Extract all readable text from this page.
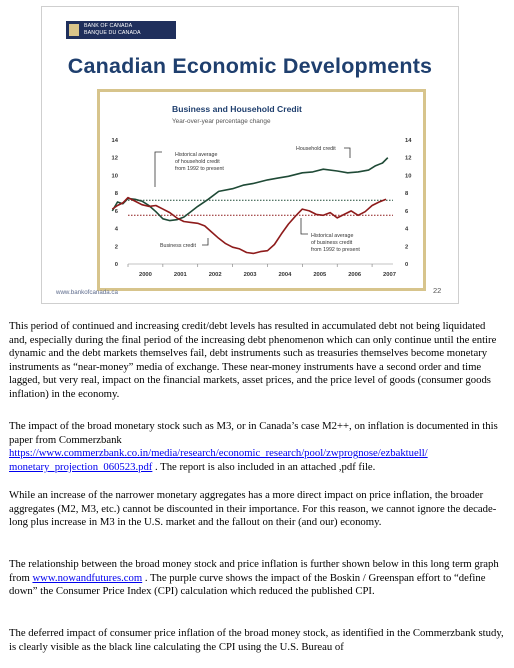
BANK OF CANADA
BANQUE DU CANADA
Canadian Economic Developments
Business and Household Credit
Year-over-year percentage change
0
2
4
6
8
10
12
14
0
2
4
6
8
10
12
14
2000	2001	2002	2003	2004	2005	2006	2007
Historical average
of household credit
from 1992 to present
Household credit
Business credit
Historical average
of business credit
from 1992 to present
www.bankofcanada.ca	22

This period of continued and increasing credit/debt levels has resulted in accumulated debt not being liquidated and, especially during the final period of the increasing debt phenomenon which can only continue until the entire dynamic and the debt markets themselves fail, debt instruments such as treasuries themselves become monetary instruments as “near-money” media of exchange. These near-money instruments have a second order and time lagged, but very real, impact on the financial markets, asset prices, and the price level of goods (consumer goods inflation) in the economy.

The impact of the broad monetary stock such as M3, or in Canada’s case M2++, on inflation is documented in this paper from Commerzbank
https://www.commerzbank.co.in/media/research/economic_research/pool/zwprognose/ezbaktuell/
monetary_projection_060523.pdf . The report is also included in an attached ,pdf file.

While an increase of the narrower monetary aggregates has a more direct impact on price inflation, the broader aggregates (M2, M3, etc.) cannot be discounted in their importance. For this reason, we cannot ignore the decade-long plus increase in M3 in the U.S. market and the fallout on their (and our) economy.

The relationship between the broad money stock and price inflation is further shown below in this long term graph from www.nowandfutures.com . The purple curve shows the impact of the Boskin / Greenspan effort to “define down” the Consumer Price Index (CPI) calculation which reduced the published CPI.

The deferred impact of consumer price inflation of the broad money stock, as identified in the Commerzbank study, is clearly visible as the black line calculating the CPI using the U.S. Bureau of
